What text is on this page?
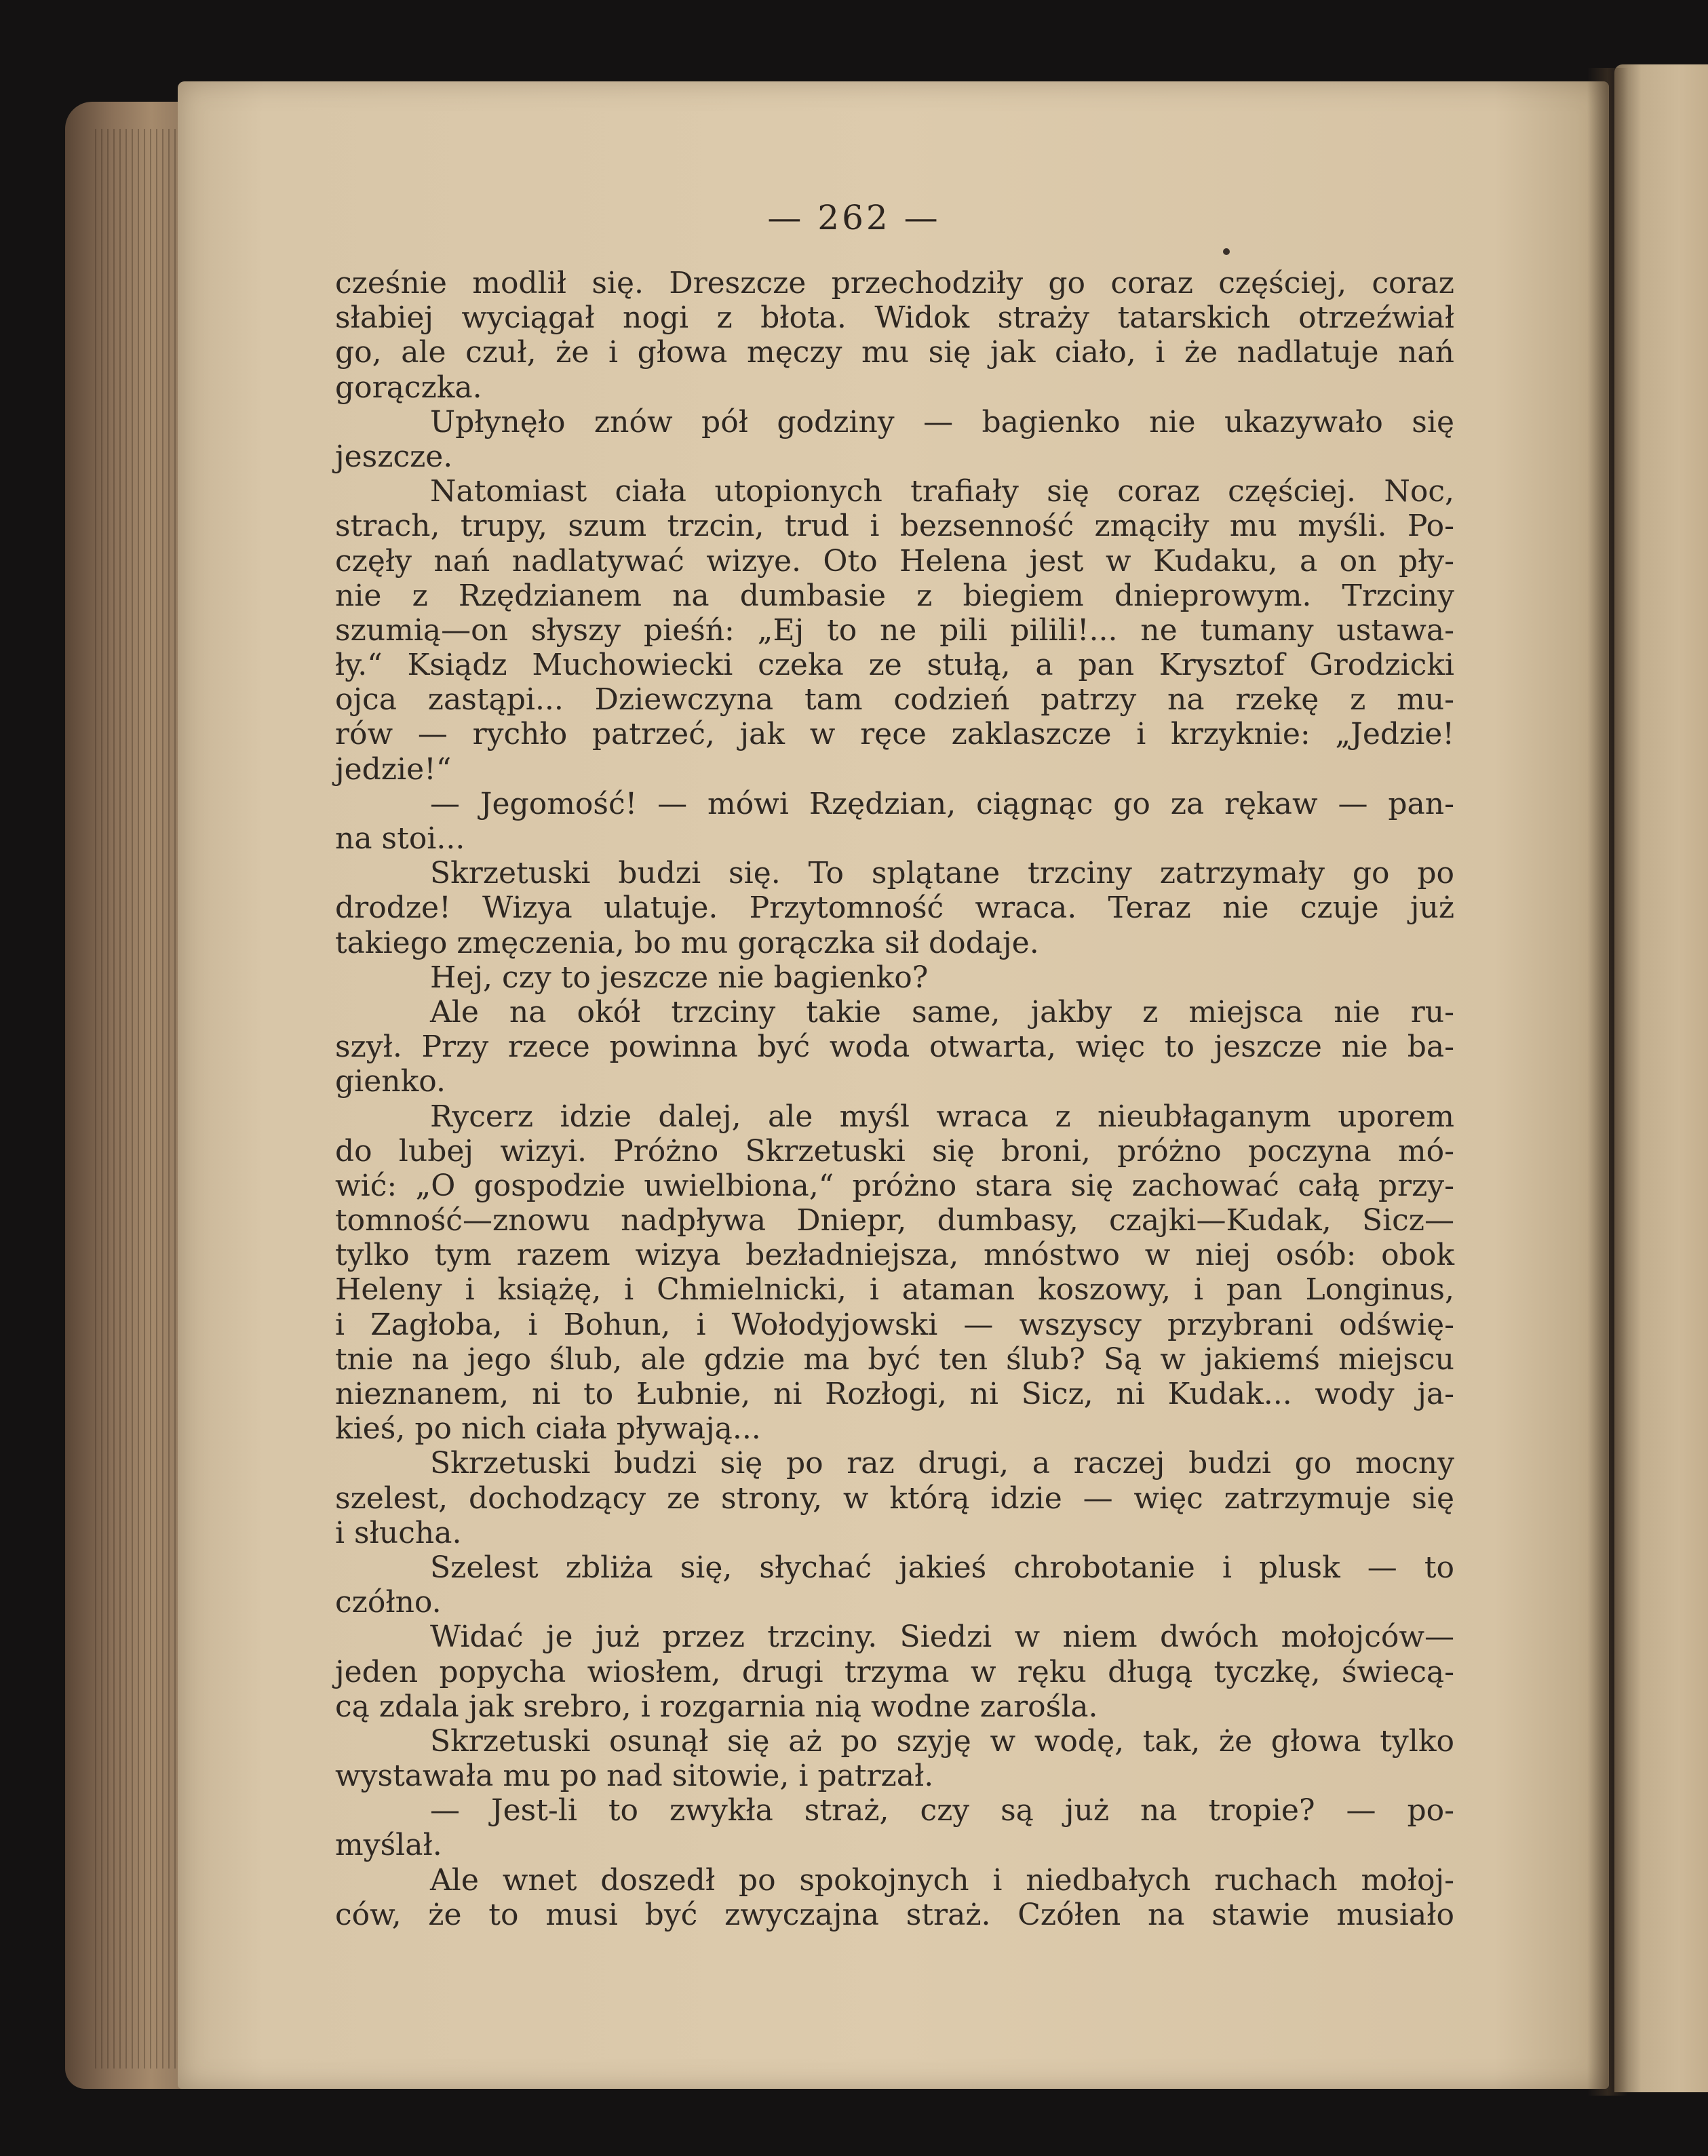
— 262 —
cześnie modlił się. Dreszcze przechodziły go coraz częściej, coraz
słabiej wyciągał nogi z błota. Widok straży tatarskich otrzeźwiał
go, ale czuł, że i głowa męczy mu się jak ciało, i że nadlatuje nań
gorączka.
Upłynęło znów pół godziny — bagienko nie ukazywało się
jeszcze.
Natomiast ciała utopionych trafiały się coraz częściej. Noc,
strach, trupy, szum trzcin, trud i bezsenność zmąciły mu myśli. Po-
częły nań nadlatywać wizye. Oto Helena jest w Kudaku, a on pły-
nie z Rzędzianem na dumbasie z biegiem dnieprowym. Trzciny
szumią—on słyszy pieśń: „Ej to ne pili pilili!... ne tumany ustawa-
ły.“ Ksiądz Muchowiecki czeka ze stułą, a pan Krysztof Grodzicki
ojca zastąpi... Dziewczyna tam codzień patrzy na rzekę z mu-
rów — rychło patrzeć, jak w ręce zaklaszcze i krzyknie: „Jedzie!
jedzie!“
— Jegomość! — mówi Rzędzian, ciągnąc go za rękaw — pan-
na stoi...
Skrzetuski budzi się. To splątane trzciny zatrzymały go po
drodze! Wizya ulatuje. Przytomność wraca. Teraz nie czuje już
takiego zmęczenia, bo mu gorączka sił dodaje.
Hej, czy to jeszcze nie bagienko?
Ale na okół trzciny takie same, jakby z miejsca nie ru-
szył. Przy rzece powinna być woda otwarta, więc to jeszcze nie ba-
gienko.
Rycerz idzie dalej, ale myśl wraca z nieubłaganym uporem
do lubej wizyi. Próżno Skrzetuski się broni, próżno poczyna mó-
wić: „O gospodzie uwielbiona,“ próżno stara się zachować całą przy-
tomność—znowu nadpływa Dniepr, dumbasy, czajki—Kudak, Sicz—
tylko tym razem wizya bezładniejsza, mnóstwo w niej osób: obok
Heleny i książę, i Chmielnicki, i ataman koszowy, i pan Longinus,
i Zagłoba, i Bohun, i Wołodyjowski — wszyscy przybrani odświę-
tnie na jego ślub, ale gdzie ma być ten ślub? Są w jakiemś miejscu
nieznanem, ni to Łubnie, ni Rozłogi, ni Sicz, ni Kudak... wody ja-
kieś, po nich ciała pływają...
Skrzetuski budzi się po raz drugi, a raczej budzi go mocny
szelest, dochodzący ze strony, w którą idzie — więc zatrzymuje się
i słucha.
Szelest zbliża się, słychać jakieś chrobotanie i plusk — to
czółno.
Widać je już przez trzciny. Siedzi w niem dwóch mołojców—
jeden popycha wiosłem, drugi trzyma w ręku długą tyczkę, świecą-
cą zdala jak srebro, i rozgarnia nią wodne zarośla.
Skrzetuski osunął się aż po szyję w wodę, tak, że głowa tylko
wystawała mu po nad sitowie, i patrzał.
— Jest-li to zwykła straż, czy są już na tropie? — po-
myślał.
Ale wnet doszedł po spokojnych i niedbałych ruchach mołoj-
ców, że to musi być zwyczajna straż. Czółen na stawie musiało
